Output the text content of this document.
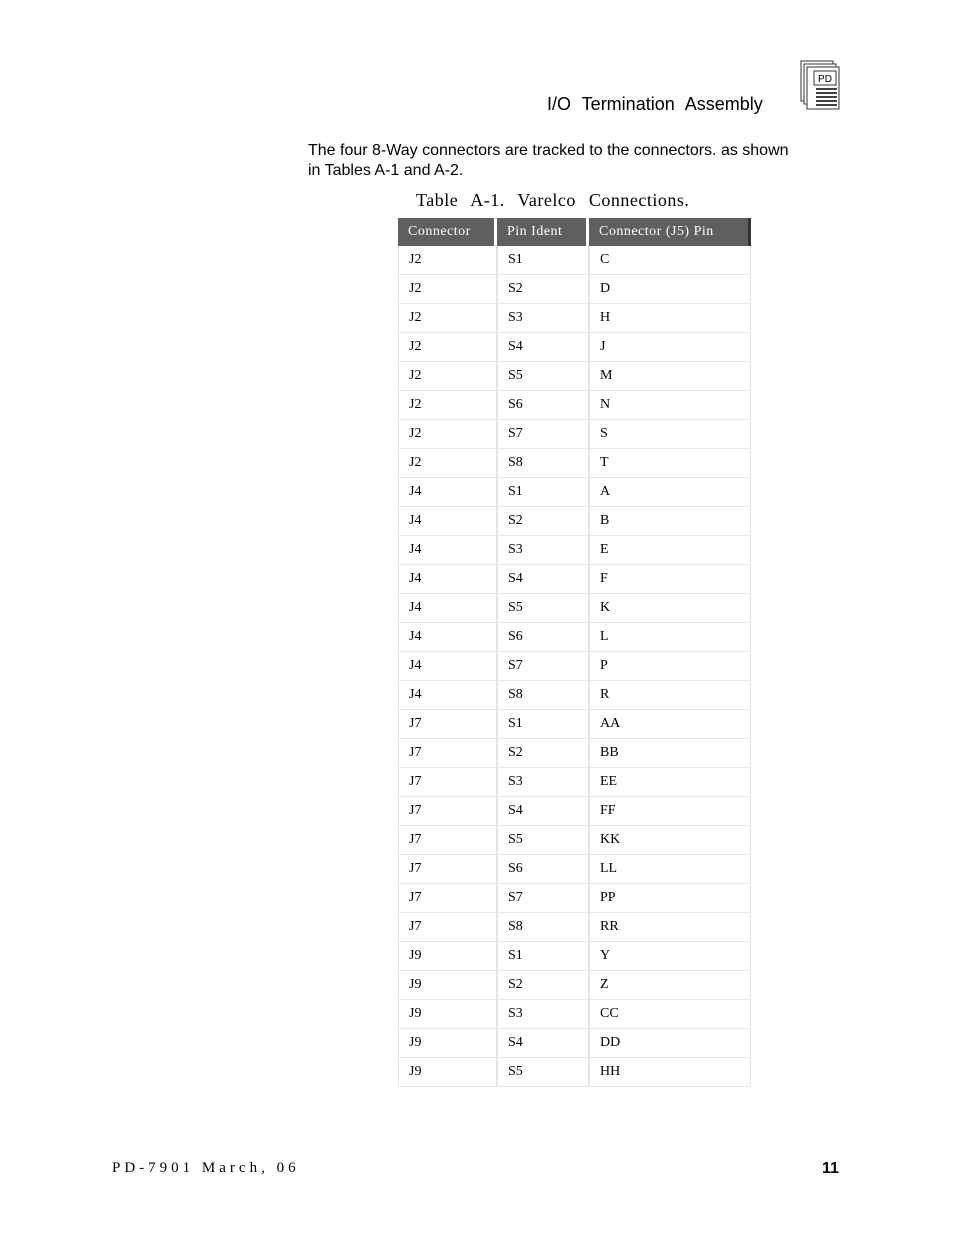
I/O Termination Assembly
PD
The four 8-Way connectors are tracked to the connectors. as shown
in Tables A-1 and A-2.
Table A-1. Varelco Connections.
Connector	Pin Ident	Connector (J5) Pin
J2	S1	C
J2	S2	D
J2	S3	H
J2	S4	J
J2	S5	M
J2	S6	N
J2	S7	S
J2	S8	T
J4	S1	A
J4	S2	B
J4	S3	E
J4	S4	F
J4	S5	K
J4	S6	L
J4	S7	P
J4	S8	R
J7	S1	AA
J7	S2	BB
J7	S3	EE
J7	S4	FF
J7	S5	KK
J7	S6	LL
J7	S7	PP
J7	S8	RR
J9	S1	Y
J9	S2	Z
J9	S3	CC
J9	S4	DD
J9	S5	HH
PD-7901 March, 06	11
